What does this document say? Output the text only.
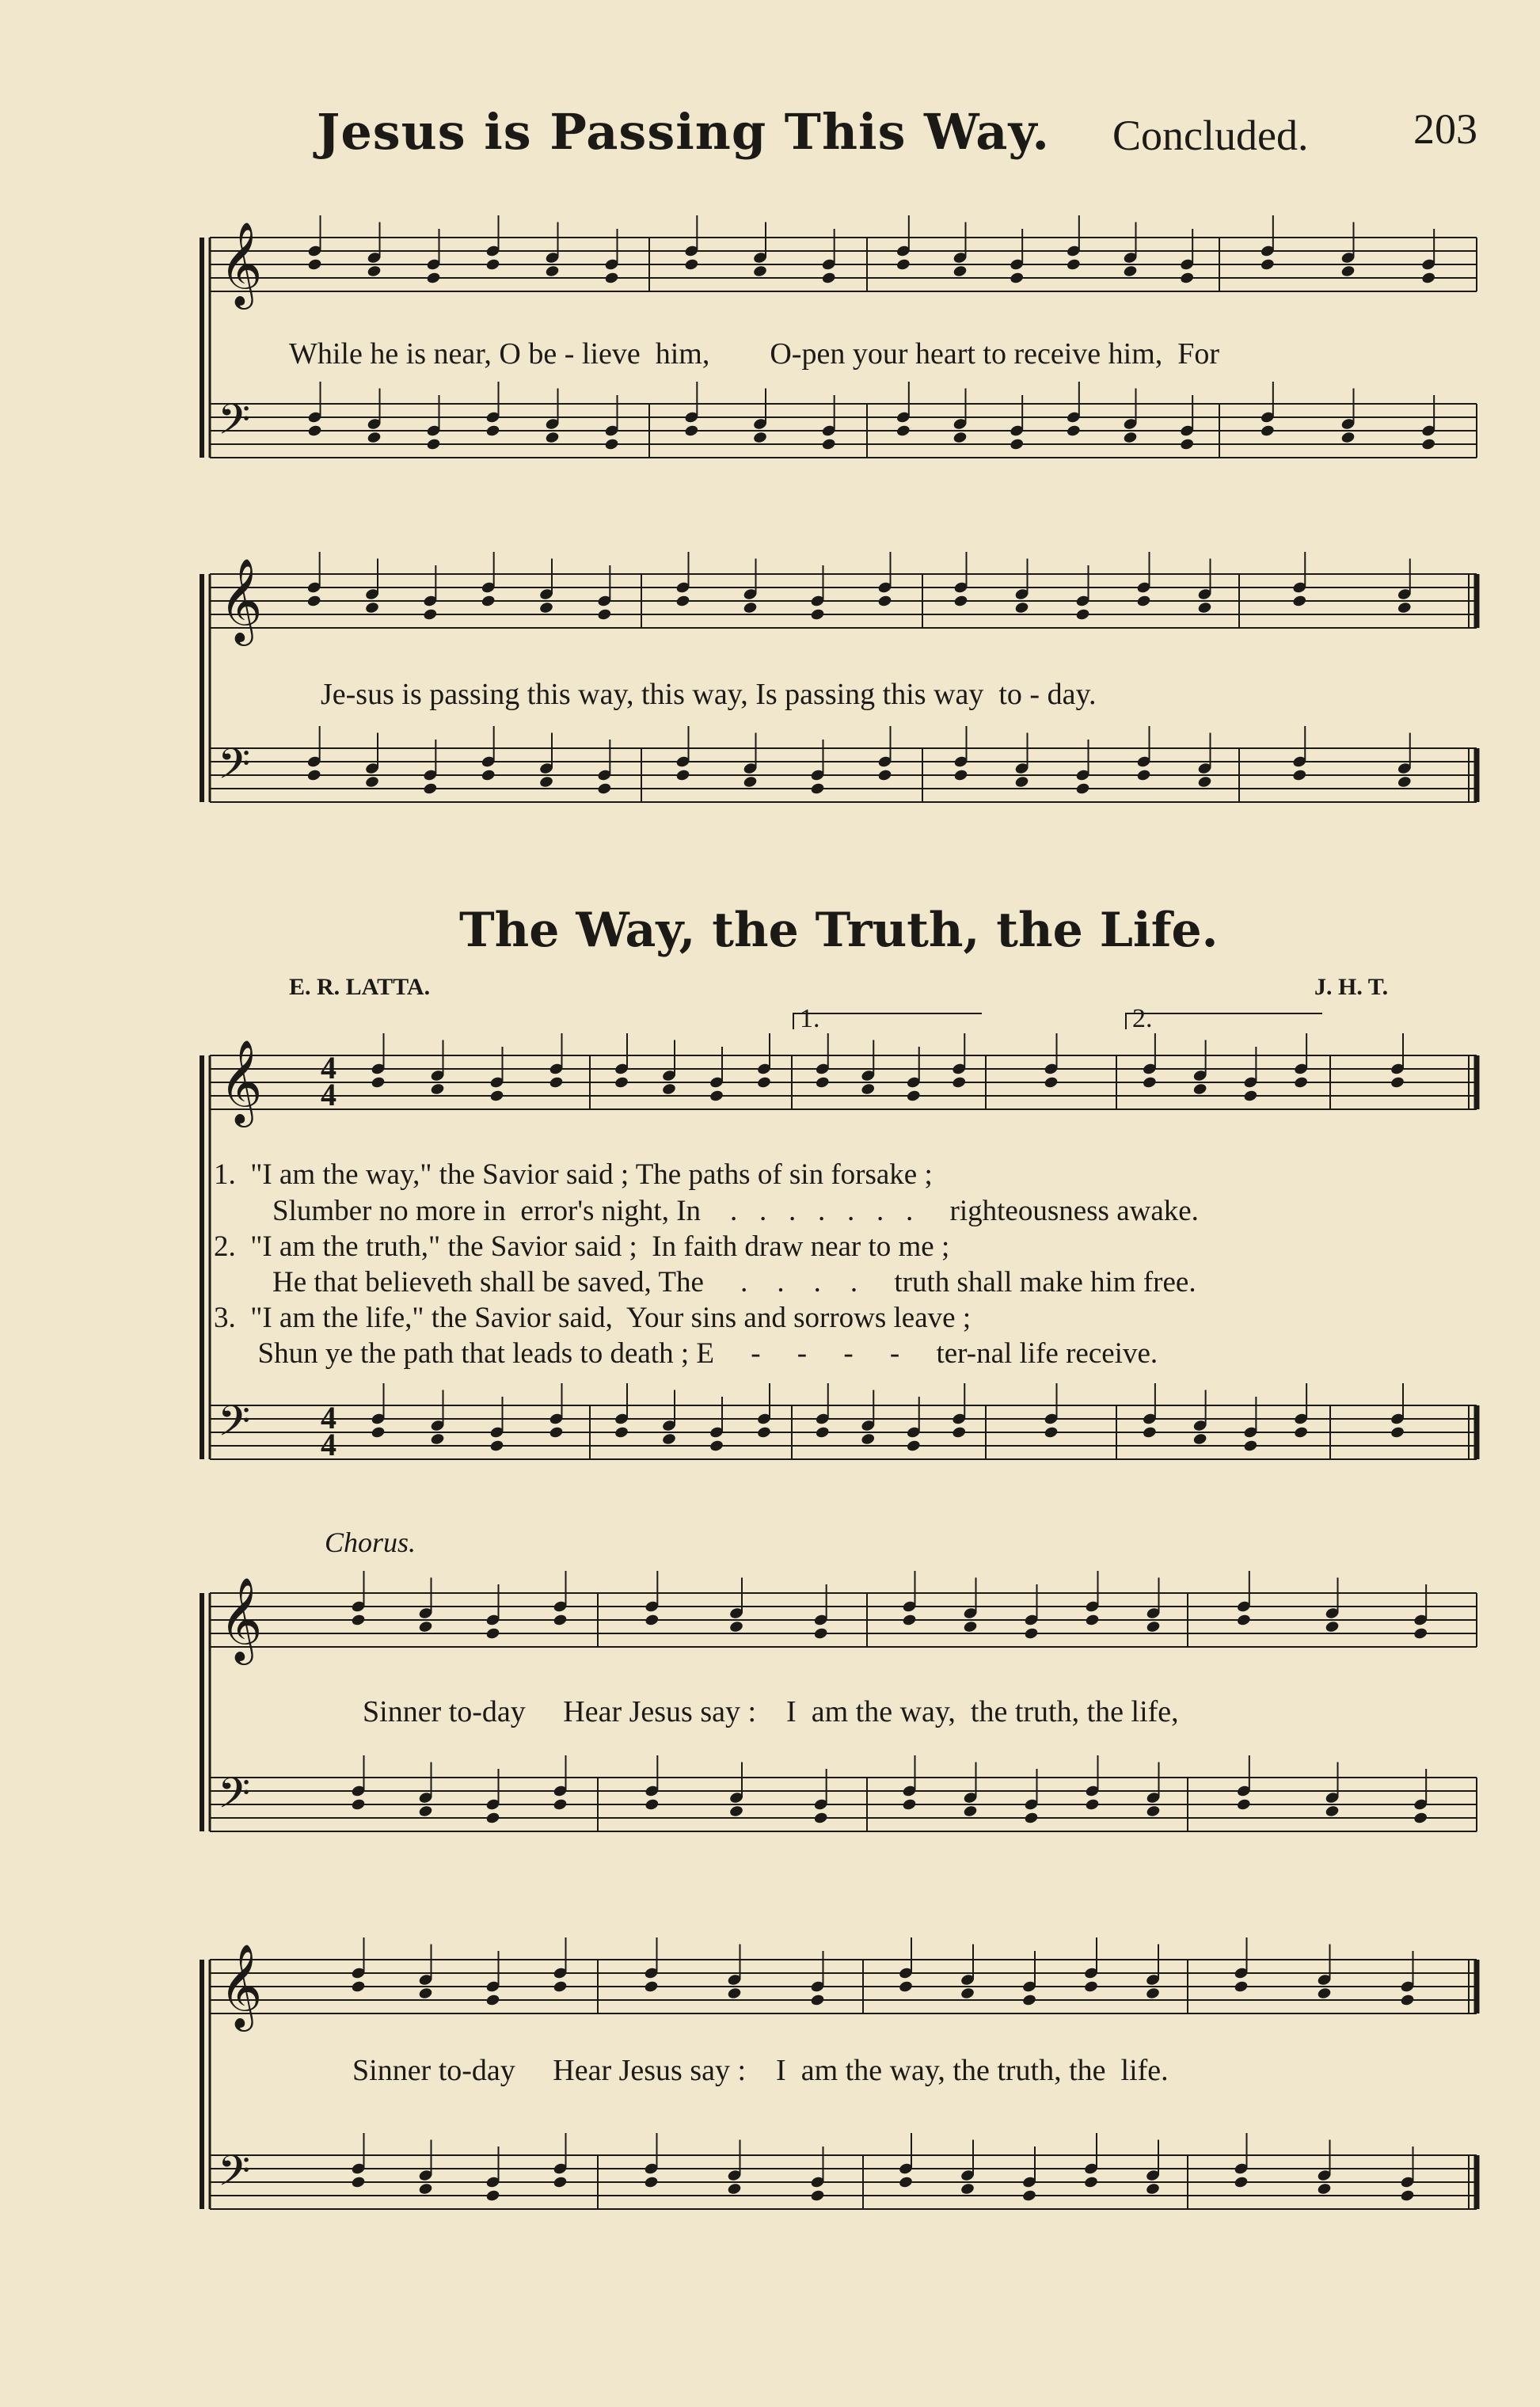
Jesus is Passing This Way. Concluded. 203
𝄞
𝄢
𝄞
𝄢
𝄞
𝄢
4
4
4
4
𝄞
𝄢
𝄞
𝄢
While he is near, O be - lieve  him,        O-pen your heart to receive him,  For
Je-sus is passing this way, this way, Is passing this way  to - day.
The Way, the Truth, the Life.
E. R. LATTA.	J. H. T.
1.	2.
1.  "I am the way," the Savior said ; The paths of sin forsake ;
Slumber no more in  error's night, In    .   .   .   .   .   .   .     righteousness awake.
2.  "I am the truth," the Savior said ;  In faith draw near to me ;
He that believeth shall be saved, The     .    .    .    .     truth shall make him free.
3.  "I am the life," the Savior said,  Your sins and sorrows leave ;
Shun ye the path that leads to death ; E     -     -     -     -     ter-nal life receive.
Chorus.
Sinner to-day     Hear Jesus say :    I  am the way,  the truth, the life,
Sinner to-day     Hear Jesus say :    I  am the way, the truth, the  life.
